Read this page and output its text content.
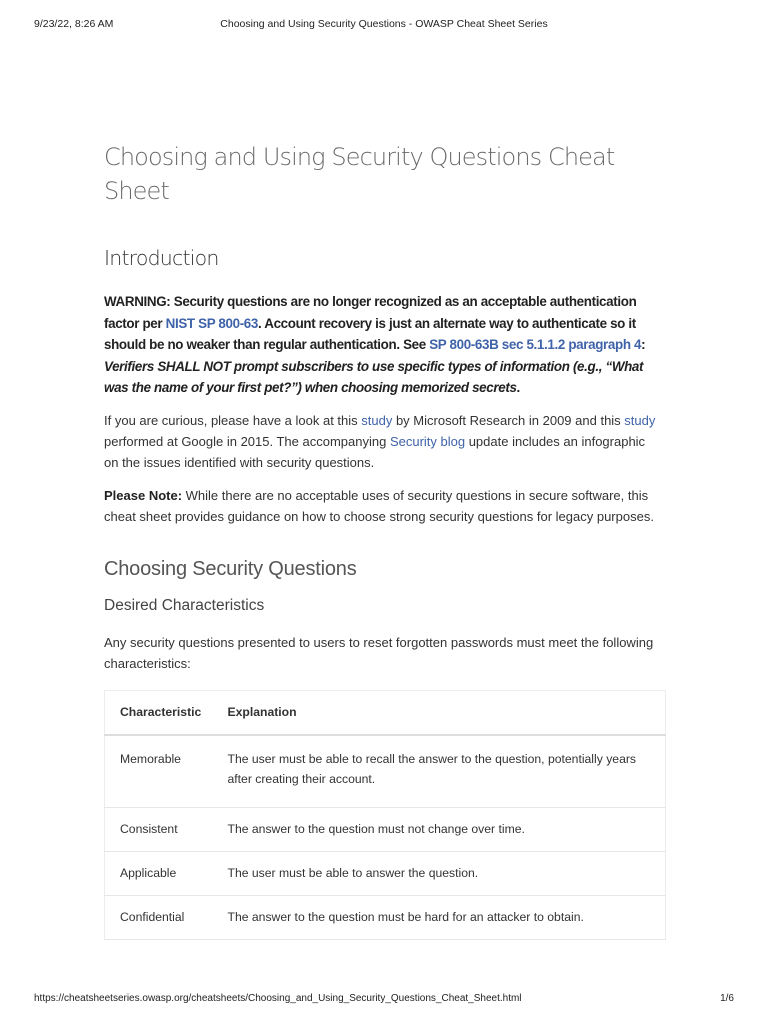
9/23/22, 8:26 AM	Choosing and Using Security Questions - OWASP Cheat Sheet Series
Choosing and Using Security Questions Cheat Sheet
Introduction

WARNING: Security questions are no longer recognized as an acceptable authentication factor per NIST SP 800-63. Account recovery is just an alternate way to authenticate so it should be no weaker than regular authentication. See SP 800-63B sec 5.1.1.2 paragraph 4: Verifiers SHALL NOT prompt subscribers to use specific types of information (e.g., “What was the name of your first pet?”) when choosing memorized secrets.

If you are curious, please have a look at this study by Microsoft Research in 2009 and this study performed at Google in 2015. The accompanying Security blog update includes an infographic on the issues identified with security questions.

Please Note: While there are no acceptable uses of security questions in secure software, this cheat sheet provides guidance on how to choose strong security questions for legacy purposes.

Choosing Security Questions
Desired Characteristics

Any security questions presented to users to reset forgotten passwords must meet the following characteristics:

Characteristic	Explanation
Memorable	The user must be able to recall the answer to the question, potentially years after creating their account.
Consistent	The answer to the question must not change over time.
Applicable	The user must be able to answer the question.
Confidential	The answer to the question must be hard for an attacker to obtain.
https://cheatsheetseries.owasp.org/cheatsheets/Choosing_and_Using_Security_Questions_Cheat_Sheet.html	1/6
